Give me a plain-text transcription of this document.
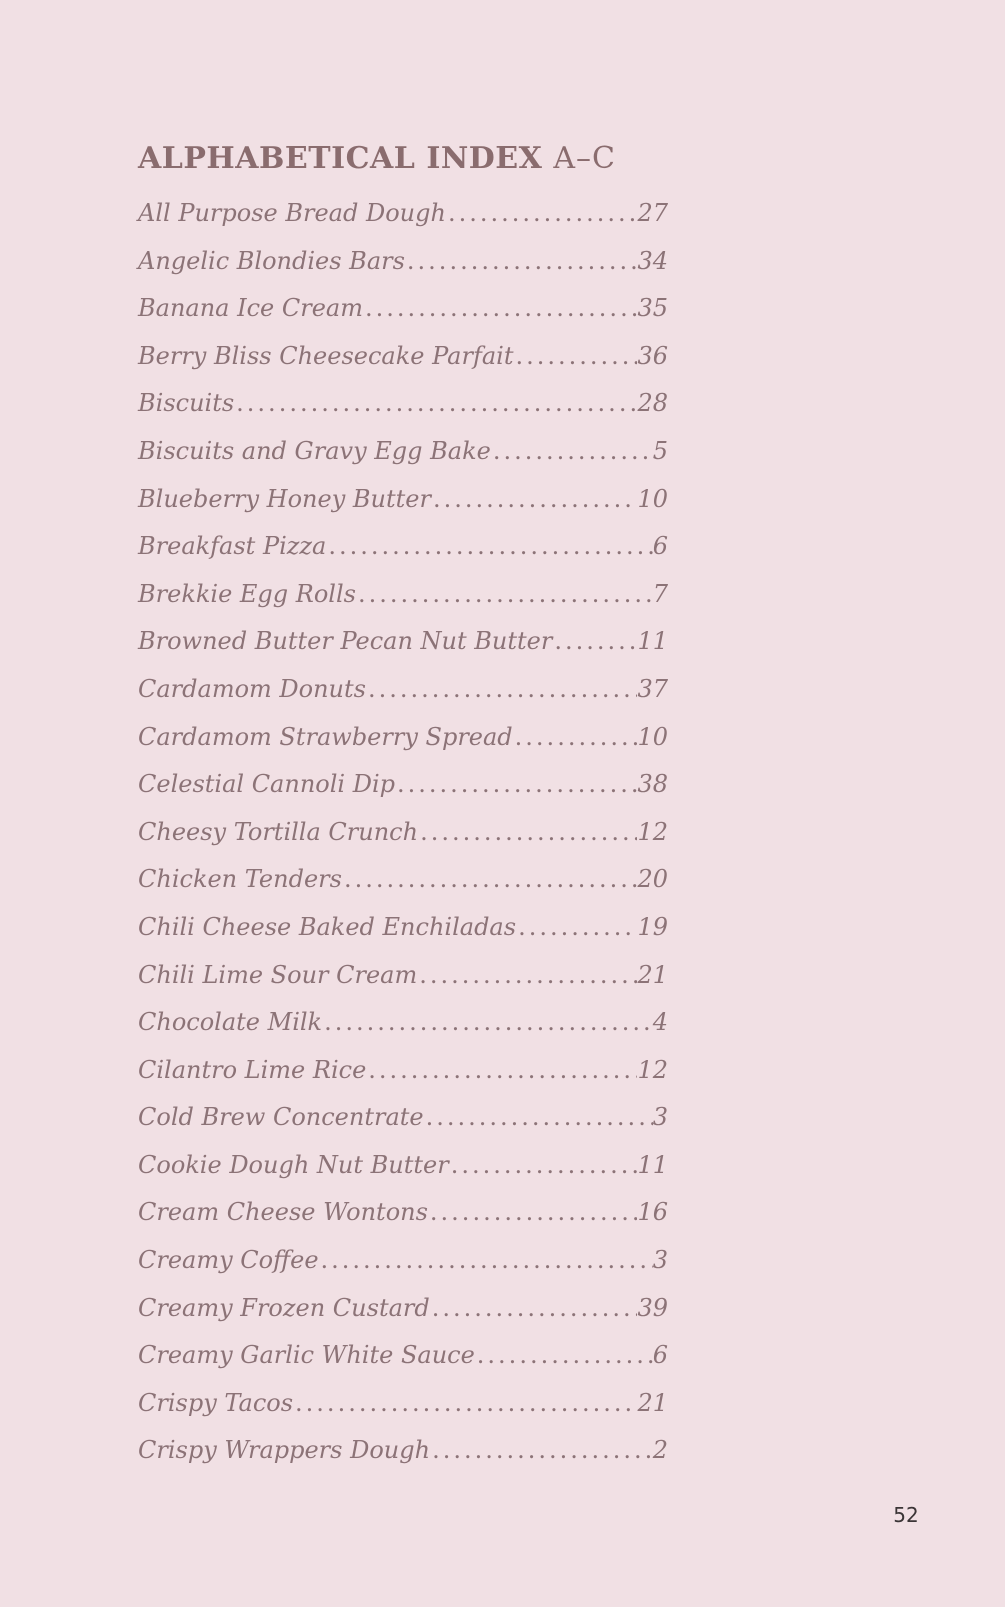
ALPHABETICAL INDEX A–C
All Purpose Bread Dough .....	27
Angelic Blondies Bars .....	34
Banana Ice Cream .....	35
Berry Bliss Cheesecake Parfait .....	36
Biscuits .....	28
Biscuits and Gravy Egg Bake .....	5
Blueberry Honey Butter .....	10
Breakfast Pizza .....	6
Brekkie Egg Rolls .....	7
Browned Butter Pecan Nut Butter .....	11
Cardamom Donuts .....	37
Cardamom Strawberry Spread .....	10
Celestial Cannoli Dip .....	38
Cheesy Tortilla Crunch .....	12
Chicken Tenders .....	20
Chili Cheese Baked Enchiladas .....	19
Chili Lime Sour Cream .....	21
Chocolate Milk .....	4
Cilantro Lime Rice .....	12
Cold Brew Concentrate .....	3
Cookie Dough Nut Butter .....	11
Cream Cheese Wontons .....	16
Creamy Coffee .....	3
Creamy Frozen Custard .....	39
Creamy Garlic White Sauce .....	6
Crispy Tacos .....	21
Crispy Wrappers Dough .....	2
52
